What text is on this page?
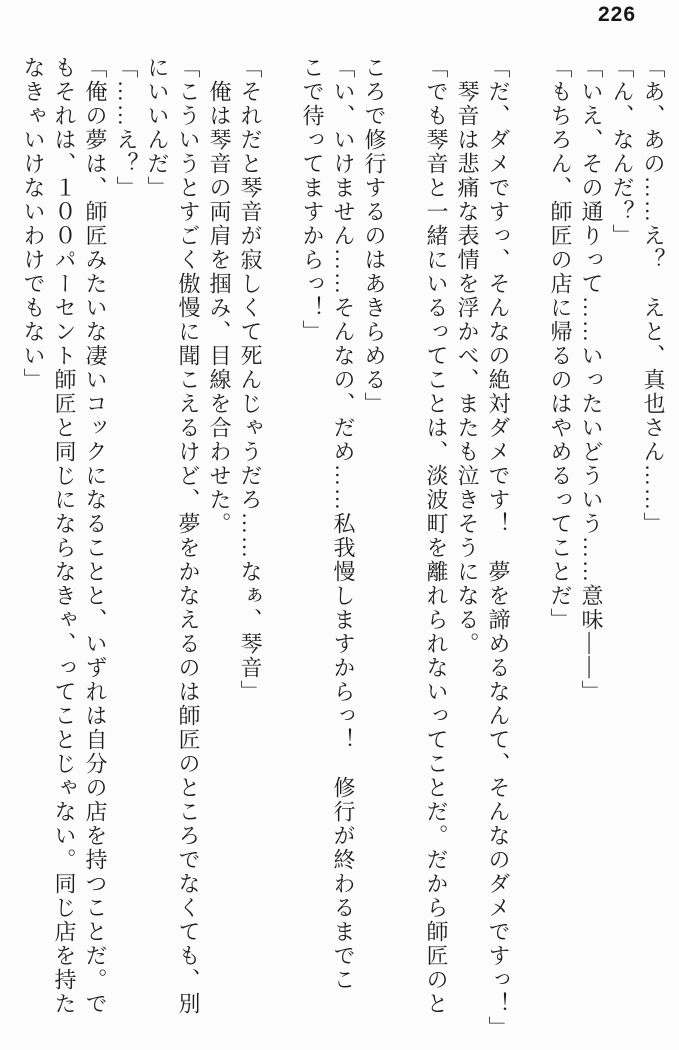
226

「あ、あの……え？　えと、真也さん……」

「ん、なんだ？」

「いえ、その通りって……いったいどういう……意味――」

「もちろん、師匠の店に帰るのはやめるってことだ」

「だ、ダメですっ、そんなの絶対ダメです！　夢を諦めるなんて、そんなのダメですっ！」

　琴音は悲痛な表情を浮かべ、またも泣きそうになる。

「でも琴音と一緒にいるってことは、淡波町を離れられないってことだ。だから師匠のと

ころで修行するのはあきらめる」

「い、いけません……そんなの、だめ……私我慢しますからっ！　修行が終わるまでこ

こで待ってますからっ！」

「それだと琴音が寂しくて死んじゃうだろ……なぁ、琴音」

　俺は琴音の両肩を掴み、目線を合わせた。

「こういうとすごく傲慢に聞こえるけど、夢をかなえるのは師匠のところでなくても、別

にいいんだ」

「……え？」

「俺の夢は、師匠みたいな凄いコックになることと、いずれは自分の店を持つことだ。で

もそれは、１００パーセント師匠と同じにならなきゃ、ってことじゃない。同じ店を持た

なきゃいけないわけでもない」
